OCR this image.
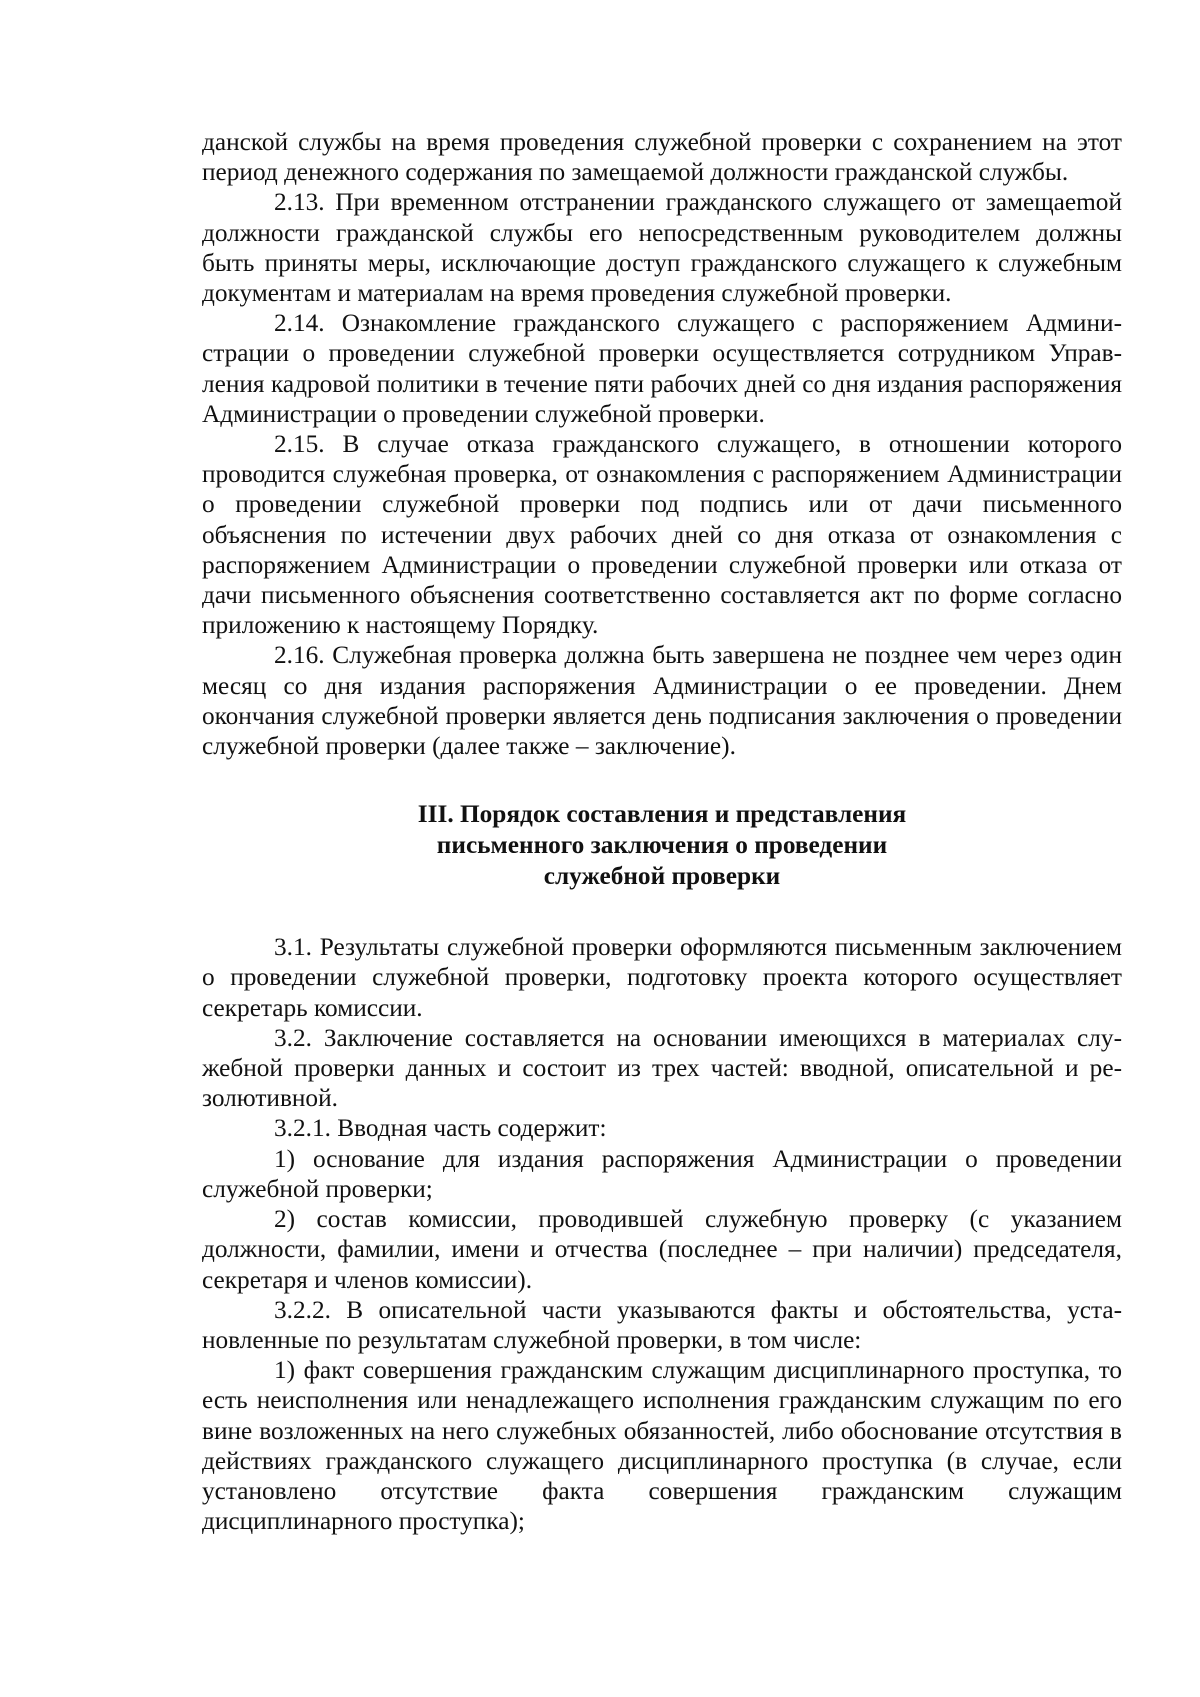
данской службы на время проведения служебной проверки с сохранением на этот период денежного содержания по замещаемой должности гражданской службы.

2.13. При временном отстранении гражданского служащего от замещаemой должности гражданской службы его непосредственным руководителем должны быть приняты меры, исключающие доступ гражданского служащего к служебным документам и материалам на время проведения служебной проверки.

2.14. Ознакомление гражданского служащего с распоряжением Администрации о проведении служебной проверки осуществляется сотрудником Управления кадровой политики в течение пяти рабочих дней со дня издания распоряжения Администрации о проведении служебной проверки.

2.15. В случае отказа гражданского служащего, в отношении которого проводится служебная проверка, от ознакомления с распоряжением Администрации о проведении служебной проверки под подпись или от дачи письменного объяснения по истечении двух рабочих дней со дня отказа от ознакомления с распоряжением Администрации о проведении служебной проверки или отказа от дачи письменного объяснения соответственно составляется акт по форме согласно приложению к настоящему Порядку.

2.16. Служебная проверка должна быть завершена не позднее чем через один месяц со дня издания распоряжения Администрации о ее проведении. Днем окончания служебной проверки является день подписания заключения о проведении служебной проверки (далее также – заключение).

III. Порядок составления и представления
письменного заключения о проведении
служебной проверки

3.1. Результаты служебной проверки оформляются письменным заключением о проведении служебной проверки, подготовку проекта которого осуществляет секретарь комиссии.

3.2. Заключение составляется на основании имеющихся в материалах служебной проверки данных и состоит из трех частей: вводной, описательной и резолютивной.

3.2.1. Вводная часть содержит:

1) основание для издания распоряжения Администрации о проведении служебной проверки;

2) состав комиссии, проводившей служебную проверку (с указанием должности, фамилии, имени и отчества (последнее – при наличии) председателя, секретаря и членов комиссии).

3.2.2. В описательной части указываются факты и обстоятельства, установленные по результатам служебной проверки, в том числе:

1) факт совершения гражданским служащим дисциплинарного проступка, то есть неисполнения или ненадлежащего исполнения гражданским служащим по его вине возложенных на него служебных обязанностей, либо обоснование отсутствия в действиях гражданского служащего дисциплинарного проступка (в случае, если установлено отсутствие факта совершения гражданским служащим дисциплинарного проступка);
